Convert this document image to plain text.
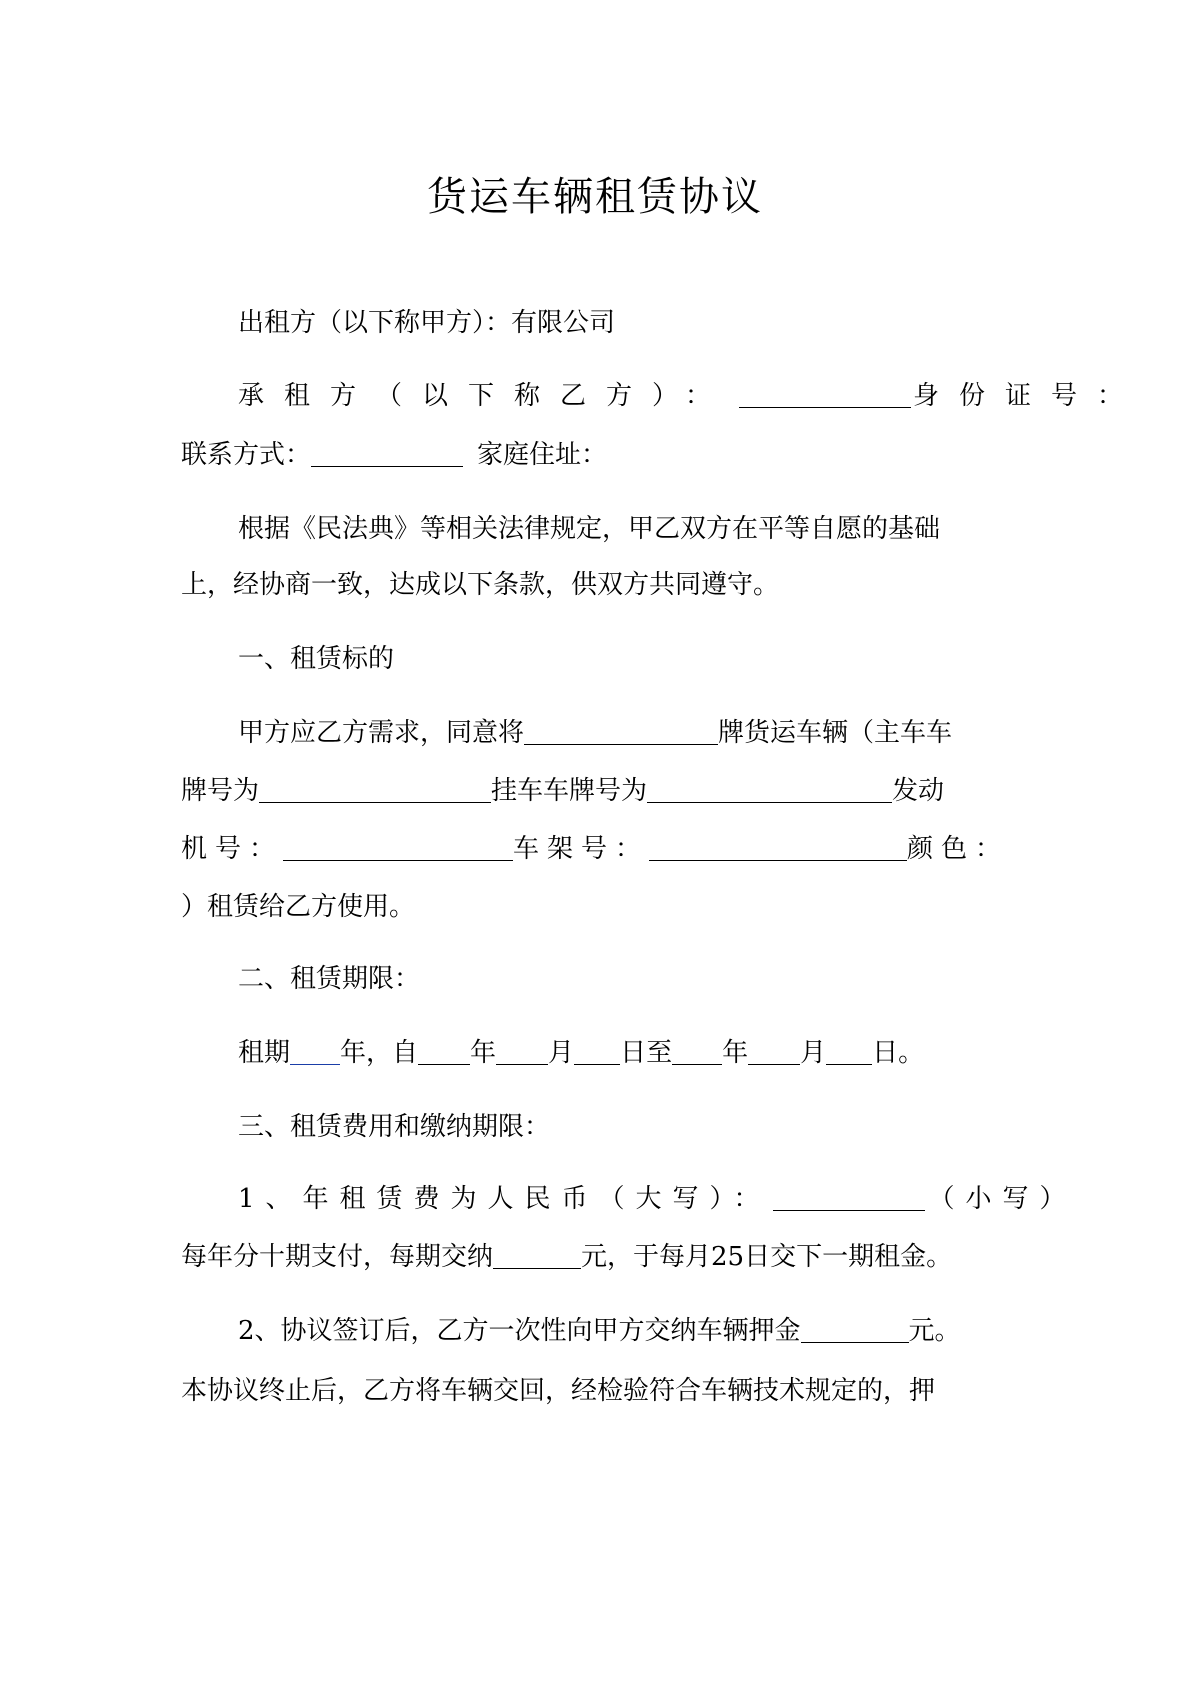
货运车辆租赁协议
出租方（以下称甲方）：有限公司
承租方（以下称乙方）：	身份证号：
联系方式：	家庭住址：
根据《民法典》等相关法律规定，甲乙双方在平等自愿的基础
上，经协商一致，达成以下条款，供双方共同遵守。
一、租赁标的
甲方应乙方需求，同意将	牌货运车辆（主车车
牌号为	挂车车牌号为	发动
机号：	车架号：	颜色：
）租赁给乙方使用。
二、租赁期限：
租期 年，自 年 月 日至 年 月 日。
三、租赁费用和缴纳期限：
1、年租赁费为人民币（大写）：	（小写）
每年分十期支付，每期交纳	元，于每月25日交下一期租金。
2、协议签订后，乙方一次性向甲方交纳车辆押金	元。
本协议终止后，乙方将车辆交回，经检验符合车辆技术规定的，押
